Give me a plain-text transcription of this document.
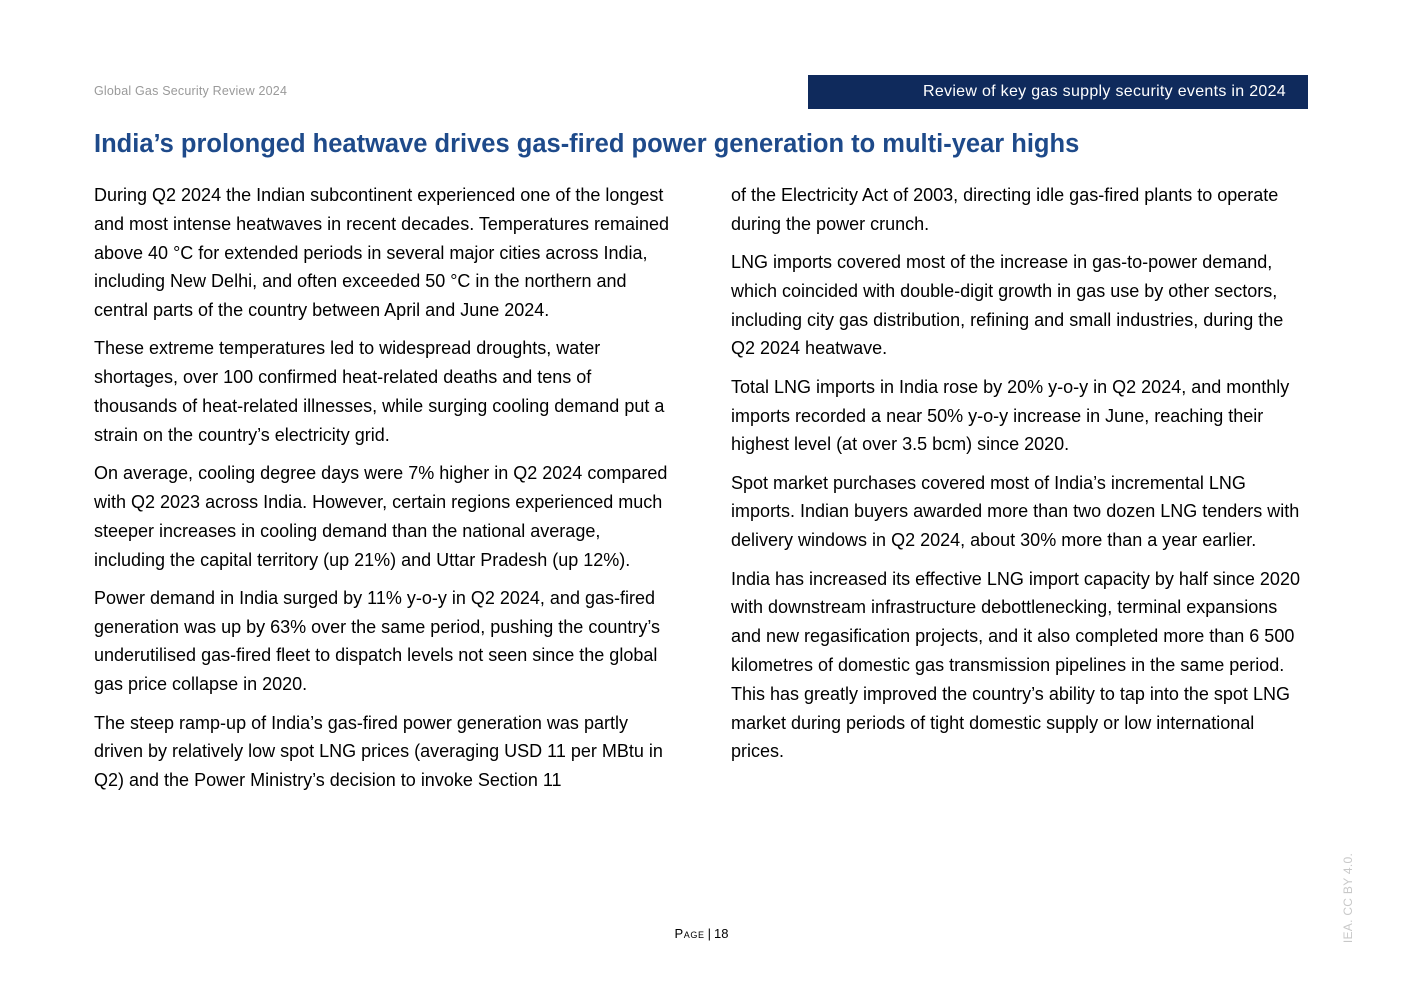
Global Gas Security Review 2024	Review of key gas supply security events in 2024
India’s prolonged heatwave drives gas-fired power generation to multi-year highs

During Q2 2024 the Indian subcontinent experienced one of the longest and most intense heatwaves in recent decades. Temperatures remained above 40 °C for extended periods in several major cities across India, including New Delhi, and often exceeded 50 °C in the northern and central parts of the country between April and June 2024.

These extreme temperatures led to widespread droughts, water shortages, over 100 confirmed heat-related deaths and tens of thousands of heat-related illnesses, while surging cooling demand put a strain on the country’s electricity grid.

On average, cooling degree days were 7% higher in Q2 2024 compared with Q2 2023 across India. However, certain regions experienced much steeper increases in cooling demand than the national average, including the capital territory (up 21%) and Uttar Pradesh (up 12%).

Power demand in India surged by 11% y-o-y in Q2 2024, and gas-fired generation was up by 63% over the same period, pushing the country’s underutilised gas-fired fleet to dispatch levels not seen since the global gas price collapse in 2020.

The steep ramp-up of India’s gas-fired power generation was partly driven by relatively low spot LNG prices (averaging USD 11 per MBtu in Q2) and the Power Ministry’s decision to invoke Section 11

of the Electricity Act of 2003, directing idle gas-fired plants to operate during the power crunch.

LNG imports covered most of the increase in gas-to-power demand, which coincided with double-digit growth in gas use by other sectors, including city gas distribution, refining and small industries, during the Q2 2024 heatwave.

Total LNG imports in India rose by 20% y-o-y in Q2 2024, and monthly imports recorded a near 50% y-o-y increase in June, reaching their highest level (at over 3.5 bcm) since 2020.

Spot market purchases covered most of India’s incremental LNG imports. Indian buyers awarded more than two dozen LNG tenders with delivery windows in Q2 2024, about 30% more than a year earlier.

India has increased its effective LNG import capacity by half since 2020 with downstream infrastructure debottlenecking, terminal expansions and new regasification projects, and it also completed more than 6 500 kilometres of domestic gas transmission pipelines in the same period. This has greatly improved the country’s ability to tap into the spot LNG market during periods of tight domestic supply or low international prices.

Page | 18	IEA. CC BY 4.0.
